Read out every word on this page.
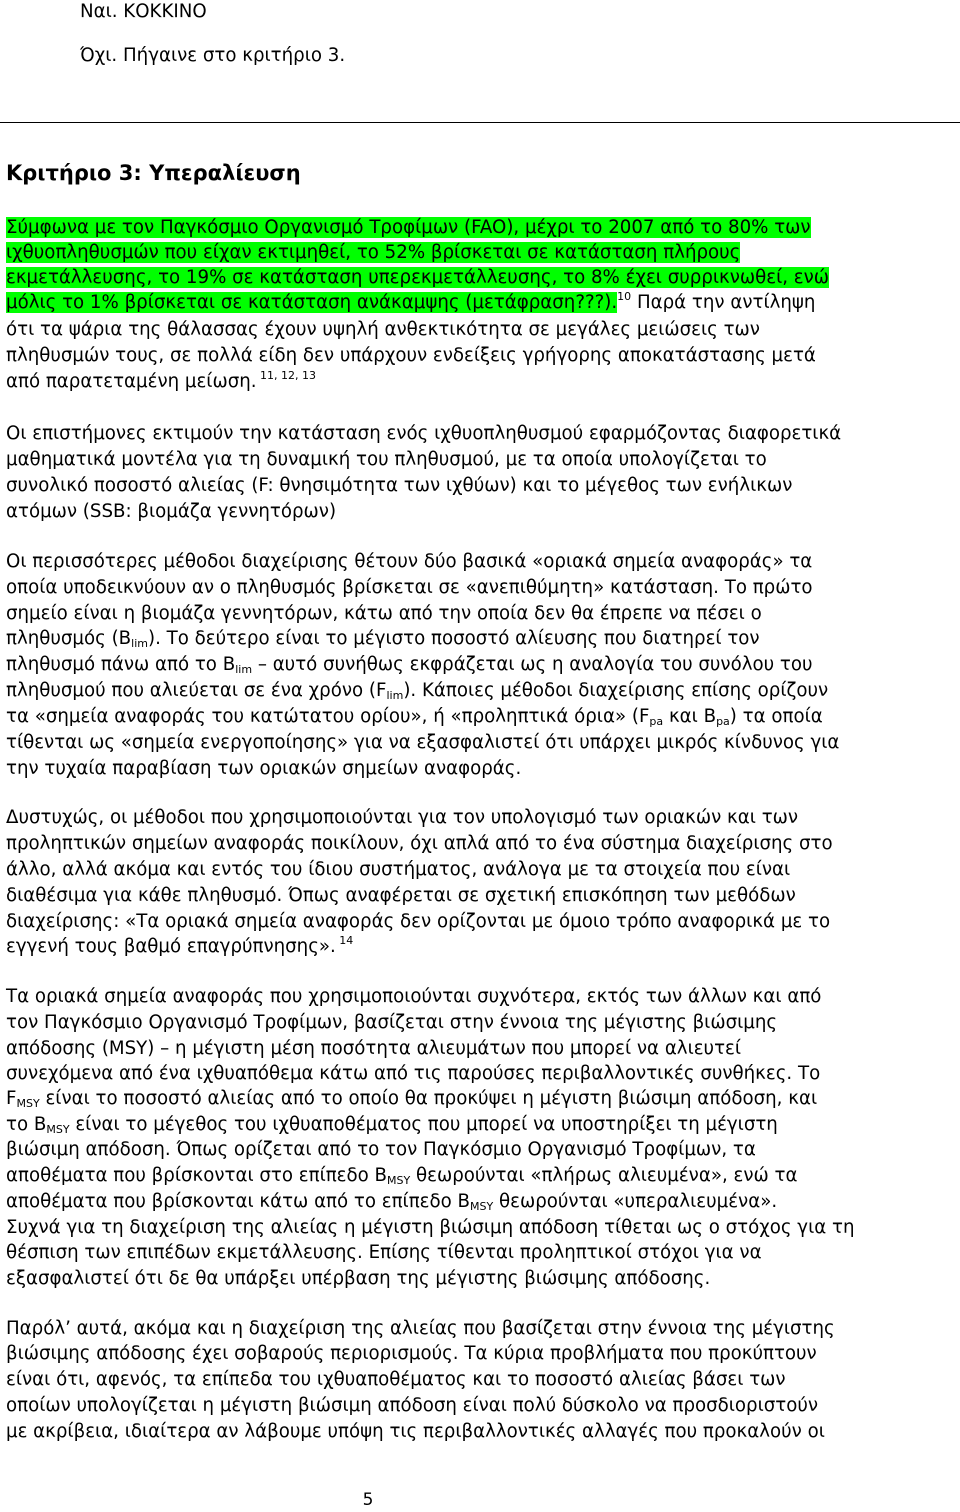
Ναι. ΚΟΚΚΙΝΟ
Όχι. Πήγαινε στο κριτήριο 3.
Κριτήριο 3: Υπεραλίευση
Σύμφωνα με τον Παγκόσμιο Οργανισμό Τροφίμων (FAO), μέχρι το 2007 από το 80% των
ιχθυοπληθυσμών που είχαν εκτιμηθεί, το 52% βρίσκεται σε κατάσταση πλήρους
εκμετάλλευσης, το 19% σε κατάσταση υπερεκμετάλλευσης, το 8% έχει συρρικνωθεί, ενώ
μόλις το 1% βρίσκεται σε κατάσταση ανάκαμψης (μετάφραση???).$^{10}$ Παρά την αντίληψη
ότι τα ψάρια της θάλασσας έχουν υψηλή ανθεκτικότητα σε μεγάλες μειώσεις των
πληθυσμών τους, σε πολλά είδη δεν υπάρχουν ενδείξεις γρήγορης αποκατάστασης μετά
από παρατεταμένη μείωση. $^{11, 12, 13}$
Οι επιστήμονες εκτιμούν την κατάσταση ενός ιχθυοπληθυσμού εφαρμόζοντας διαφορετικά
μαθηματικά μοντέλα για τη δυναμική του πληθυσμού, με τα οποία υπολογίζεται το
συνολικό ποσοστό αλιείας (F: θνησιμότητα των ιχθύων) και το μέγεθος των ενήλικων
ατόμων (SSB: βιομάζα γεννητόρων)
Οι περισσότερες μέθοδοι διαχείρισης θέτουν δύο βασικά «οριακά σημεία αναφοράς» τα
οποία υποδεικνύουν αν ο πληθυσμός βρίσκεται σε «ανεπιθύμητη» κατάσταση. Το πρώτο
σημείο είναι η βιομάζα γεννητόρων, κάτω από την οποία δεν θα έπρεπε να πέσει ο
πληθυσμός $(B_{lim})$. Το δεύτερο είναι το μέγιστο ποσοστό αλίευσης που διατηρεί τον
πληθυσμό πάνω από το $B_{lim}$ – αυτό συνήθως εκφράζεται ως η αναλογία του συνόλου του
πληθυσμού που αλιεύεται σε ένα χρόνο $(F_{lim})$. Κάποιες μέθοδοι διαχείρισης επίσης ορίζουν
τα «σημεία αναφοράς του κατώτατου ορίου», ή «προληπτικά όρια» ($F_{pa}$ και $B_{pa}$) τα οποία
τίθενται ως «σημεία ενεργοποίησης» για να εξασφαλιστεί ότι υπάρχει μικρός κίνδυνος για
την τυχαία παραβίαση των οριακών σημείων αναφοράς.
Δυστυχώς, οι μέθοδοι που χρησιμοποιούνται για τον υπολογισμό των οριακών και των
προληπτικών σημείων αναφοράς ποικίλουν, όχι απλά από το ένα σύστημα διαχείρισης στο
άλλο, αλλά ακόμα και εντός του ίδιου συστήματος, ανάλογα με τα στοιχεία που είναι
διαθέσιμα για κάθε πληθυσμό. Όπως αναφέρεται σε σχετική επισκόπηση των μεθόδων
διαχείρισης: «Τα οριακά σημεία αναφοράς δεν ορίζονται με όμοιο τρόπο αναφορικά με το
εγγενή τους βαθμό επαγρύπνησης». $^{14}$
Τα οριακά σημεία αναφοράς που χρησιμοποιούνται συχνότερα, εκτός των άλλων και από
τον Παγκόσμιο Οργανισμό Τροφίμων, βασίζεται στην έννοια της μέγιστης βιώσιμης
απόδοσης (MSY) – η μέγιστη μέση ποσότητα αλιευμάτων που μπορεί να αλιευτεί
συνεχόμενα από ένα ιχθυαπόθεμα κάτω από τις παρούσες περιβαλλοντικές συνθήκες. Το
$F_{MSY}$ είναι το ποσοστό αλιείας από το οποίο θα προκύψει η μέγιστη βιώσιμη απόδοση, και
το $B_{MSY}$ είναι το μέγεθος του ιχθυαποθέματος που μπορεί να υποστηρίξει τη μέγιστη
βιώσιμη απόδοση. Όπως ορίζεται από το τον Παγκόσμιο Οργανισμό Τροφίμων, τα
αποθέματα που βρίσκονται στο επίπεδο $B_{MSY}$ θεωρούνται «πλήρως αλιευμένα», ενώ τα
αποθέματα που βρίσκονται κάτω από το επίπεδο $B_{MSY}$ θεωρούνται «υπεραλιευμένα».
Συχνά για τη διαχείριση της αλιείας η μέγιστη βιώσιμη απόδοση τίθεται ως ο στόχος για τη
θέσπιση των επιπέδων εκμετάλλευσης. Επίσης τίθενται προληπτικοί στόχοι για να
εξασφαλιστεί ότι δε θα υπάρξει υπέρβαση της μέγιστης βιώσιμης απόδοσης.
Παρόλ’ αυτά, ακόμα και η διαχείριση της αλιείας που βασίζεται στην έννοια της μέγιστης
βιώσιμης απόδοσης έχει σοβαρούς περιορισμούς. Τα κύρια προβλήματα που προκύπτουν
είναι ότι, αφενός, τα επίπεδα του ιχθυαποθέματος και το ποσοστό αλιείας βάσει των
οποίων υπολογίζεται η μέγιστη βιώσιμη απόδοση είναι πολύ δύσκολο να προσδιοριστούν
με ακρίβεια, ιδιαίτερα αν λάβουμε υπόψη τις περιβαλλοντικές αλλαγές που προκαλούν οι
5
